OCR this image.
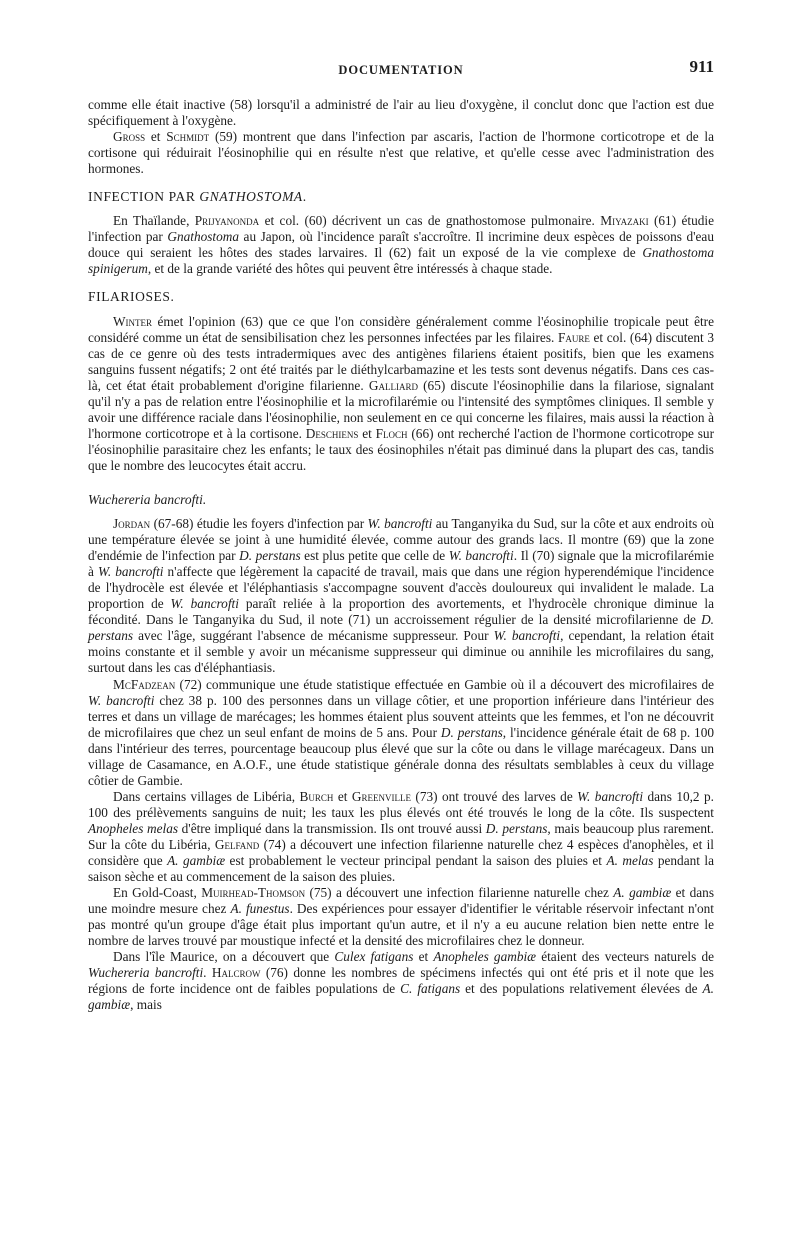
DOCUMENTATION	911

comme elle était inactive (58) lorsqu'il a administré de l'air au lieu d'oxygène, il conclut donc que l'action est due spécifiquement à l'oxygène.

Gross et Schmidt (59) montrent que dans l'infection par ascaris, l'action de l'hormone corticotrope et de la cortisone qui réduirait l'éosinophilie qui en résulte n'est que relative, et qu'elle cesse avec l'administration des hormones.

INFECTION PAR GNATHOSTOMA.

En Thaïlande, Prijyanonda et col. (60) décrivent un cas de gnathostomose pulmonaire. Miyazaki (61) étudie l'infection par Gnathostoma au Japon, où l'incidence paraît s'accroître. Il incrimine deux espèces de poissons d'eau douce qui seraient les hôtes des stades larvaires. Il (62) fait un exposé de la vie complexe de Gnathostoma spinigerum, et de la grande variété des hôtes qui peuvent être intéressés à chaque stade.

FILARIOSES.

Winter émet l'opinion (63) que ce que l'on considère généralement comme l'éosinophilie tropicale peut être considéré comme un état de sensibilisation chez les personnes infectées par les filaires. Faure et col. (64) discutent 3 cas de ce genre où des tests intradermiques avec des antigènes filariens étaient positifs, bien que les examens sanguins fussent négatifs; 2 ont été traités par le diéthylcarbamazine et les tests sont devenus négatifs. Dans ces cas-là, cet état était probablement d'origine filarienne. Galliard (65) discute l'éosinophilie dans la filariose, signalant qu'il n'y a pas de relation entre l'éosinophilie et la microfilarémie ou l'intensité des symptômes cliniques. Il semble y avoir une différence raciale dans l'éosinophilie, non seulement en ce qui concerne les filaires, mais aussi la réaction à l'hormone corticotrope et à la cortisone. Deschiens et Floch (66) ont recherché l'action de l'hormone corticotrope sur l'éosinophilie parasitaire chez les enfants; le taux des éosinophiles n'était pas diminué dans la plupart des cas, tandis que le nombre des leucocytes était accru.

Wuchereria bancrofti.

Jordan (67-68) étudie les foyers d'infection par W. bancrofti au Tanganyika du Sud, sur la côte et aux endroits où une température élevée se joint à une humidité élevée, comme autour des grands lacs. Il montre (69) que la zone d'endémie de l'infection par D. perstans est plus petite que celle de W. bancrofti. Il (70) signale que la microfilarémie à W. bancrofti n'affecte que légèrement la capacité de travail, mais que dans une région hyperendémique l'incidence de l'hydrocèle est élevée et l'éléphantiasis s'accompagne souvent d'accès douloureux qui invalident le malade. La proportion de W. bancrofti paraît reliée à la proportion des avortements, et l'hydrocèle chronique diminue la fécondité. Dans le Tanganyika du Sud, il note (71) un accroissement régulier de la densité microfilarienne de D. perstans avec l'âge, suggérant l'absence de mécanisme suppresseur. Pour W. bancrofti, cependant, la relation était moins constante et il semble y avoir un mécanisme suppresseur qui diminue ou annihile les microfilaires du sang, surtout dans les cas d'éléphantiasis.

McFadzean (72) communique une étude statistique effectuée en Gambie où il a découvert des microfilaires de W. bancrofti chez 38 p. 100 des personnes dans un village côtier, et une proportion inférieure dans l'intérieur des terres et dans un village de marécages; les hommes étaient plus souvent atteints que les femmes, et l'on ne découvrit de microfilaires que chez un seul enfant de moins de 5 ans. Pour D. perstans, l'incidence générale était de 68 p. 100 dans l'intérieur des terres, pourcentage beaucoup plus élevé que sur la côte ou dans le village marécageux. Dans un village de Casamance, en A.O.F., une étude statistique générale donna des résultats semblables à ceux du village côtier de Gambie.

Dans certains villages de Libéria, Burch et Greenville (73) ont trouvé des larves de W. bancrofti dans 10,2 p. 100 des prélèvements sanguins de nuit; les taux les plus élevés ont été trouvés le long de la côte. Ils suspectent Anopheles melas d'être impliqué dans la transmission. Ils ont trouvé aussi D. perstans, mais beaucoup plus rarement. Sur la côte du Libéria, Gelfand (74) a découvert une infection filarienne naturelle chez 4 espèces d'anophèles, et il considère que A. gambiæ est probablement le vecteur principal pendant la saison des pluies et A. melas pendant la saison sèche et au commencement de la saison des pluies.

En Gold-Coast, Muirhead-Thomson (75) a découvert une infection filarienne naturelle chez A. gambiæ et dans une moindre mesure chez A. funestus. Des expériences pour essayer d'identifier le véritable réservoir infectant n'ont pas montré qu'un groupe d'âge était plus important qu'un autre, et il n'y a eu aucune relation bien nette entre le nombre de larves trouvé par moustique infecté et la densité des microfilaires chez le donneur.

Dans l'île Maurice, on a découvert que Culex fatigans et Anopheles gambiæ étaient des vecteurs naturels de Wuchereria bancrofti. Halcrow (76) donne les nombres de spécimens infectés qui ont été pris et il note que les régions de forte incidence ont de faibles populations de C. fatigans et des populations relativement élevées de A. gambiæ, mais
